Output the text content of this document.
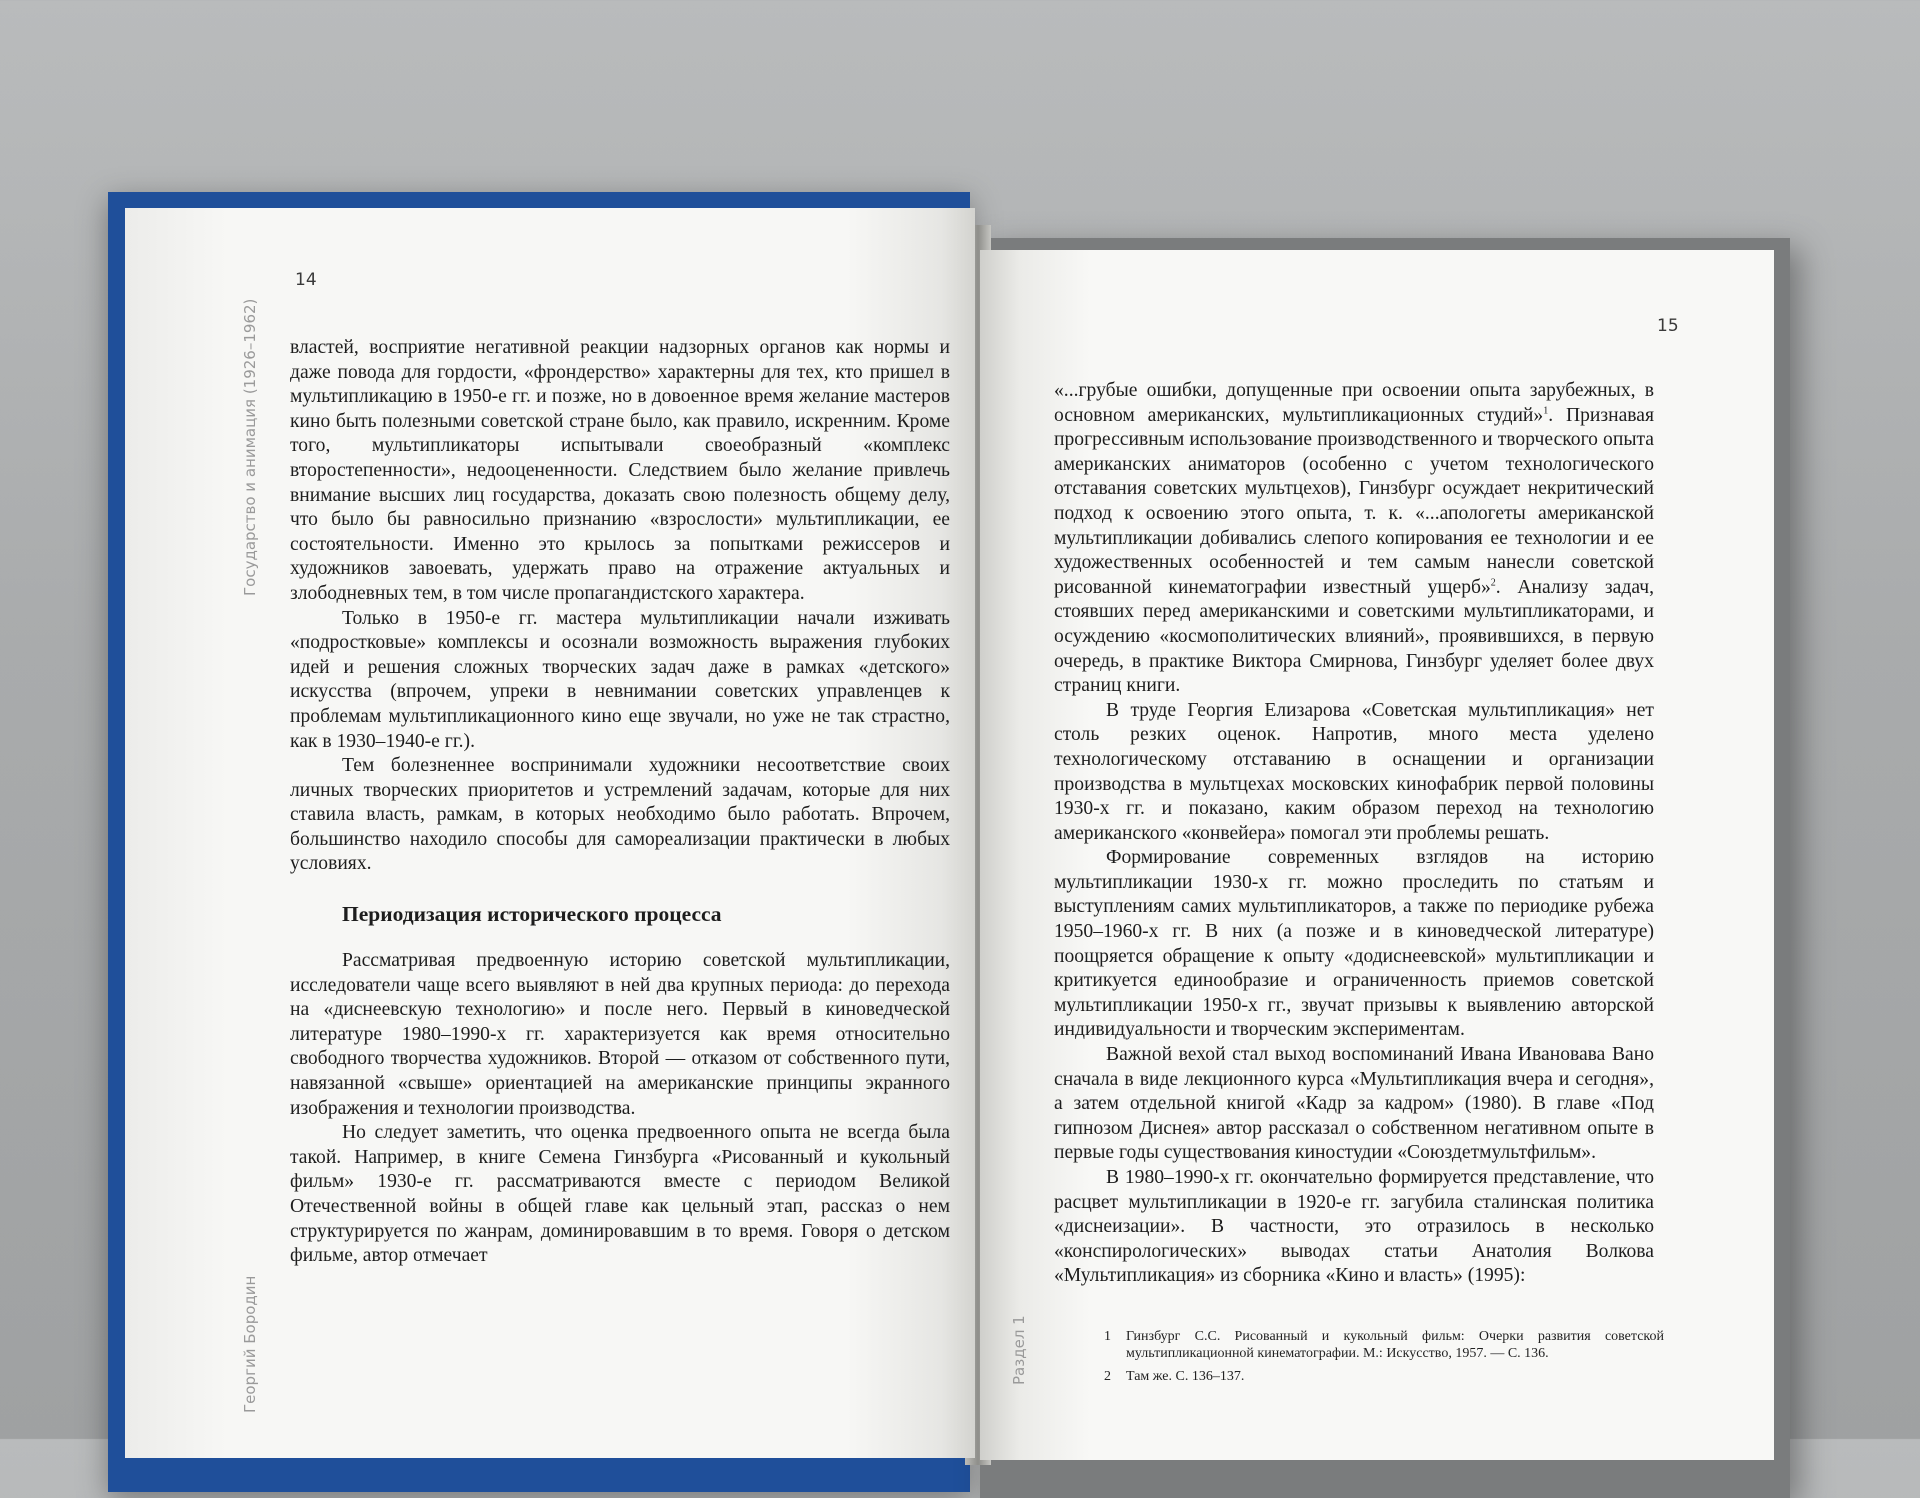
14
Государство и анимация (1926–1962)
Георгий Бородин

властей, восприятие негативной реакции надзорных органов как нормы и даже повода для гордости, «фрондерство» характерны для тех, кто пришел в мультипликацию в 1950-е гг. и позже, но в довоенное время желание мастеров кино быть полезными советской стране было, как правило, искренним. Кроме того, мультипликаторы испытывали своеобразный «комплекс второстепенности», недооцененности. Следствием было желание привлечь внимание высших лиц государства, доказать свою полезность общему делу, что было бы равносильно признанию «взрослости» мультипликации, ее состоятельности. Именно это крылось за попытками режиссеров и художников завоевать, удержать право на отражение актуальных и злободневных тем, в том числе пропагандистского характера.

Только в 1950-е гг. мастера мультипликации начали изживать «подростковые» комплексы и осознали возможность выражения глубоких идей и решения сложных творческих задач даже в рамках «детского» искусства (впрочем, упреки в невнимании советских управленцев к проблемам мультипликационного кино еще звучали, но уже не так страстно, как в 1930–1940-е гг.).

Тем болезненнее воспринимали художники несоответствие своих личных творческих приоритетов и устремлений задачам, которые для них ставила власть, рамкам, в которых необходимо было работать. Впрочем, большинство находило способы для самореализации практически в любых условиях.

Периодизация исторического процесса

Рассматривая предвоенную историю советской мультипликации, исследователи чаще всего выявляют в ней два крупных периода: до перехода на «диснеевскую технологию» и после него. Первый в киноведческой литературе 1980–1990-х гг. характеризуется как время относительно свободного творчества художников. Второй — отказом от собственного пути, навязанной «свыше» ориентацией на американские принципы экранного изображения и технологии производства.

Но следует заметить, что оценка предвоенного опыта не всегда была такой. Например, в книге Семена Гинзбурга «Рисованный и кукольный фильм» 1930-е гг. рассматриваются вместе с периодом Великой Отечественной войны в общей главе как цельный этап, рассказ о нем структурируется по жанрам, доминировавшим в то время. Говоря о детском фильме, автор отмечает

15
Раздел 1

«...грубые ошибки, допущенные при освоении опыта зарубежных, в основном американских, мультипликационных студий»$^1$. Признавая прогрессивным использование производственного и творческого опыта американских аниматоров (особенно с учетом технологического отставания советских мультцехов), Гинзбург осуждает некритический подход к освоению этого опыта, т. к. «...апологеты американской мультипликации добивались слепого копирования ее технологии и ее художественных особенностей и тем самым нанесли советской рисованной кинематографии известный ущерб»$^2$. Анализу задач, стоявших перед американскими и советскими мультипликаторами, и осуждению «космополитических влияний», проявившихся, в первую очередь, в практике Виктора Смирнова, Гинзбург уделяет более двух страниц книги.

В труде Георгия Елизарова «Советская мультипликация» нет столь резких оценок. Напротив, много места уделено технологическому отставанию в оснащении и организации производства в мультцехах московских кинофабрик первой половины 1930-х гг. и показано, каким образом переход на технологию американского «конвейера» помогал эти проблемы решать.

Формирование современных взглядов на историю мультипликации 1930-х гг. можно проследить по статьям и выступлениям самих мультипликаторов, а также по периодике рубежа 1950–1960-х гг. В них (а позже и в киноведческой литературе) поощряется обращение к опыту «додиснеевской» мультипликации и критикуется единообразие и ограниченность приемов советской мультипликации 1950-х гг., звучат призывы к выявлению авторской индивидуальности и творческим экспериментам.

Важной вехой стал выход воспоминаний Ивана Ивановава Вано сначала в виде лекционного курса «Мультипликация вчера и сегодня», а затем отдельной книгой «Кадр за кадром» (1980). В главе «Под гипнозом Диснея» автор рассказал о собственном негативном опыте в первые годы существования киностудии «Союздетмультфильм».

В 1980–1990-х гг. окончательно формируется представление, что расцвет мультипликации в 1920-е гг. загубила сталинская политика «диснеизации». В частности, это отразилось в несколько «конспирологических» выводах статьи Анатолия Волкова «Мультипликация» из сборника «Кино и власть» (1995):

1	Гинзбург С.С. Рисованный и кукольный фильм: Очерки развития советской мультипликационной кинематографии. М.: Искусство, 1957. — С. 136.
2	Там же. С. 136–137.
